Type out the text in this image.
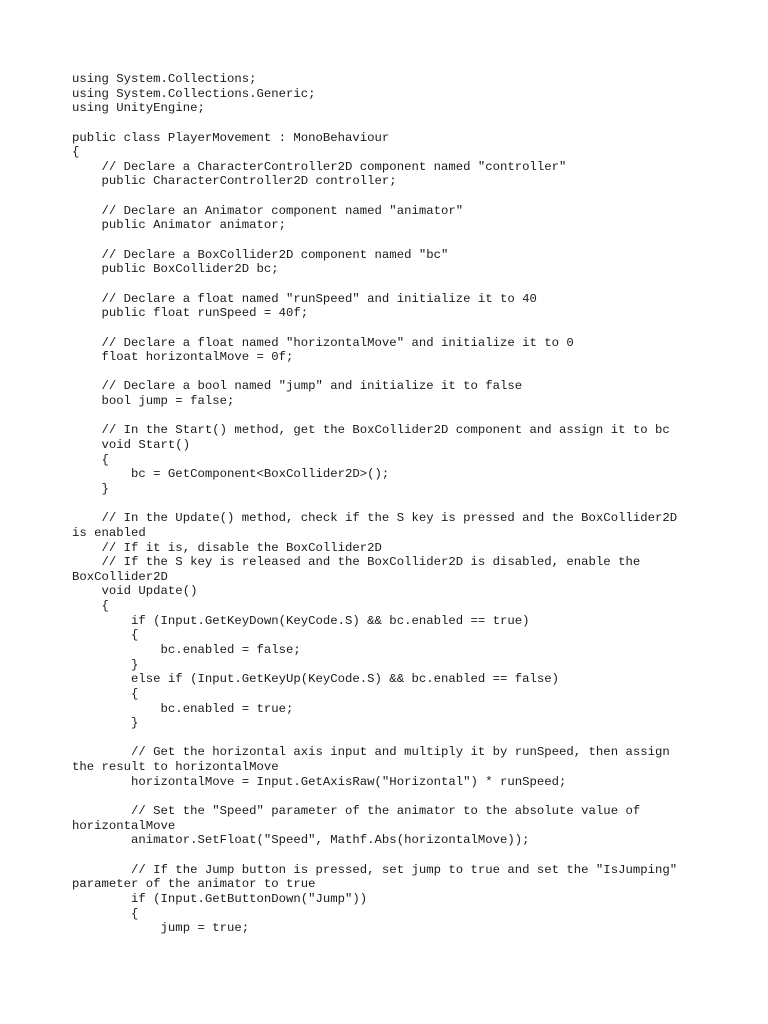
using System.Collections;
using System.Collections.Generic;
using UnityEngine;
public class PlayerMovement : MonoBehaviour
{
// Declare a CharacterController2D component named "controller"
public CharacterController2D controller;
// Declare an Animator component named "animator"
public Animator animator;
// Declare a BoxCollider2D component named "bc"
public BoxCollider2D bc;
// Declare a float named "runSpeed" and initialize it to 40
public float runSpeed = 40f;
// Declare a float named "horizontalMove" and initialize it to 0
float horizontalMove = 0f;
// Declare a bool named "jump" and initialize it to false
bool jump = false;
// In the Start() method, get the BoxCollider2D component and assign it to bc
void Start()
{
bc = GetComponent<BoxCollider2D>();
}
// In the Update() method, check if the S key is pressed and the BoxCollider2D
is enabled
// If it is, disable the BoxCollider2D
// If the S key is released and the BoxCollider2D is disabled, enable the
BoxCollider2D
void Update()
{
if (Input.GetKeyDown(KeyCode.S) && bc.enabled == true)
{
bc.enabled = false;
}
else if (Input.GetKeyUp(KeyCode.S) && bc.enabled == false)
{
bc.enabled = true;
}
// Get the horizontal axis input and multiply it by runSpeed, then assign
the result to horizontalMove
horizontalMove = Input.GetAxisRaw("Horizontal") * runSpeed;
// Set the "Speed" parameter of the animator to the absolute value of
horizontalMove
animator.SetFloat("Speed", Mathf.Abs(horizontalMove));
// If the Jump button is pressed, set jump to true and set the "IsJumping"
parameter of the animator to true
if (Input.GetButtonDown("Jump"))
{
jump = true;
